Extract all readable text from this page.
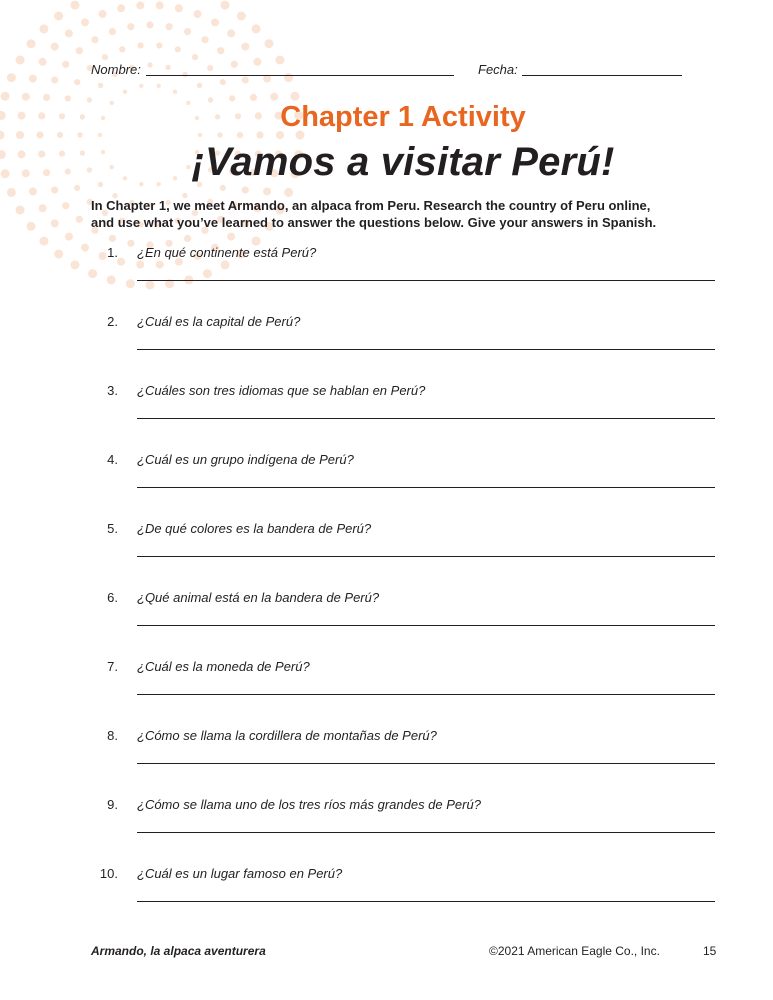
Nombre:	Fecha:
Chapter 1 Activity
¡Vamos a visitar Perú!
In Chapter 1, we meet Armando, an alpaca from Peru. Research the country of Peru online,
and use what you’ve learned to answer the questions below. Give your answers in Spanish.
1. ¿En qué continente está Perú?
2. ¿Cuál es la capital de Perú?
3. ¿Cuáles son tres idiomas que se hablan en Perú?
4. ¿Cuál es un grupo indígena de Perú?
5. ¿De qué colores es la bandera de Perú?
6. ¿Qué animal está en la bandera de Perú?
7. ¿Cuál es la moneda de Perú?
8. ¿Cómo se llama la cordillera de montañas de Perú?
9. ¿Cómo se llama uno de los tres ríos más grandes de Perú?
10. ¿Cuál es un lugar famoso en Perú?
Armando, la alpaca aventurera	©2021 American Eagle Co., Inc.	15
